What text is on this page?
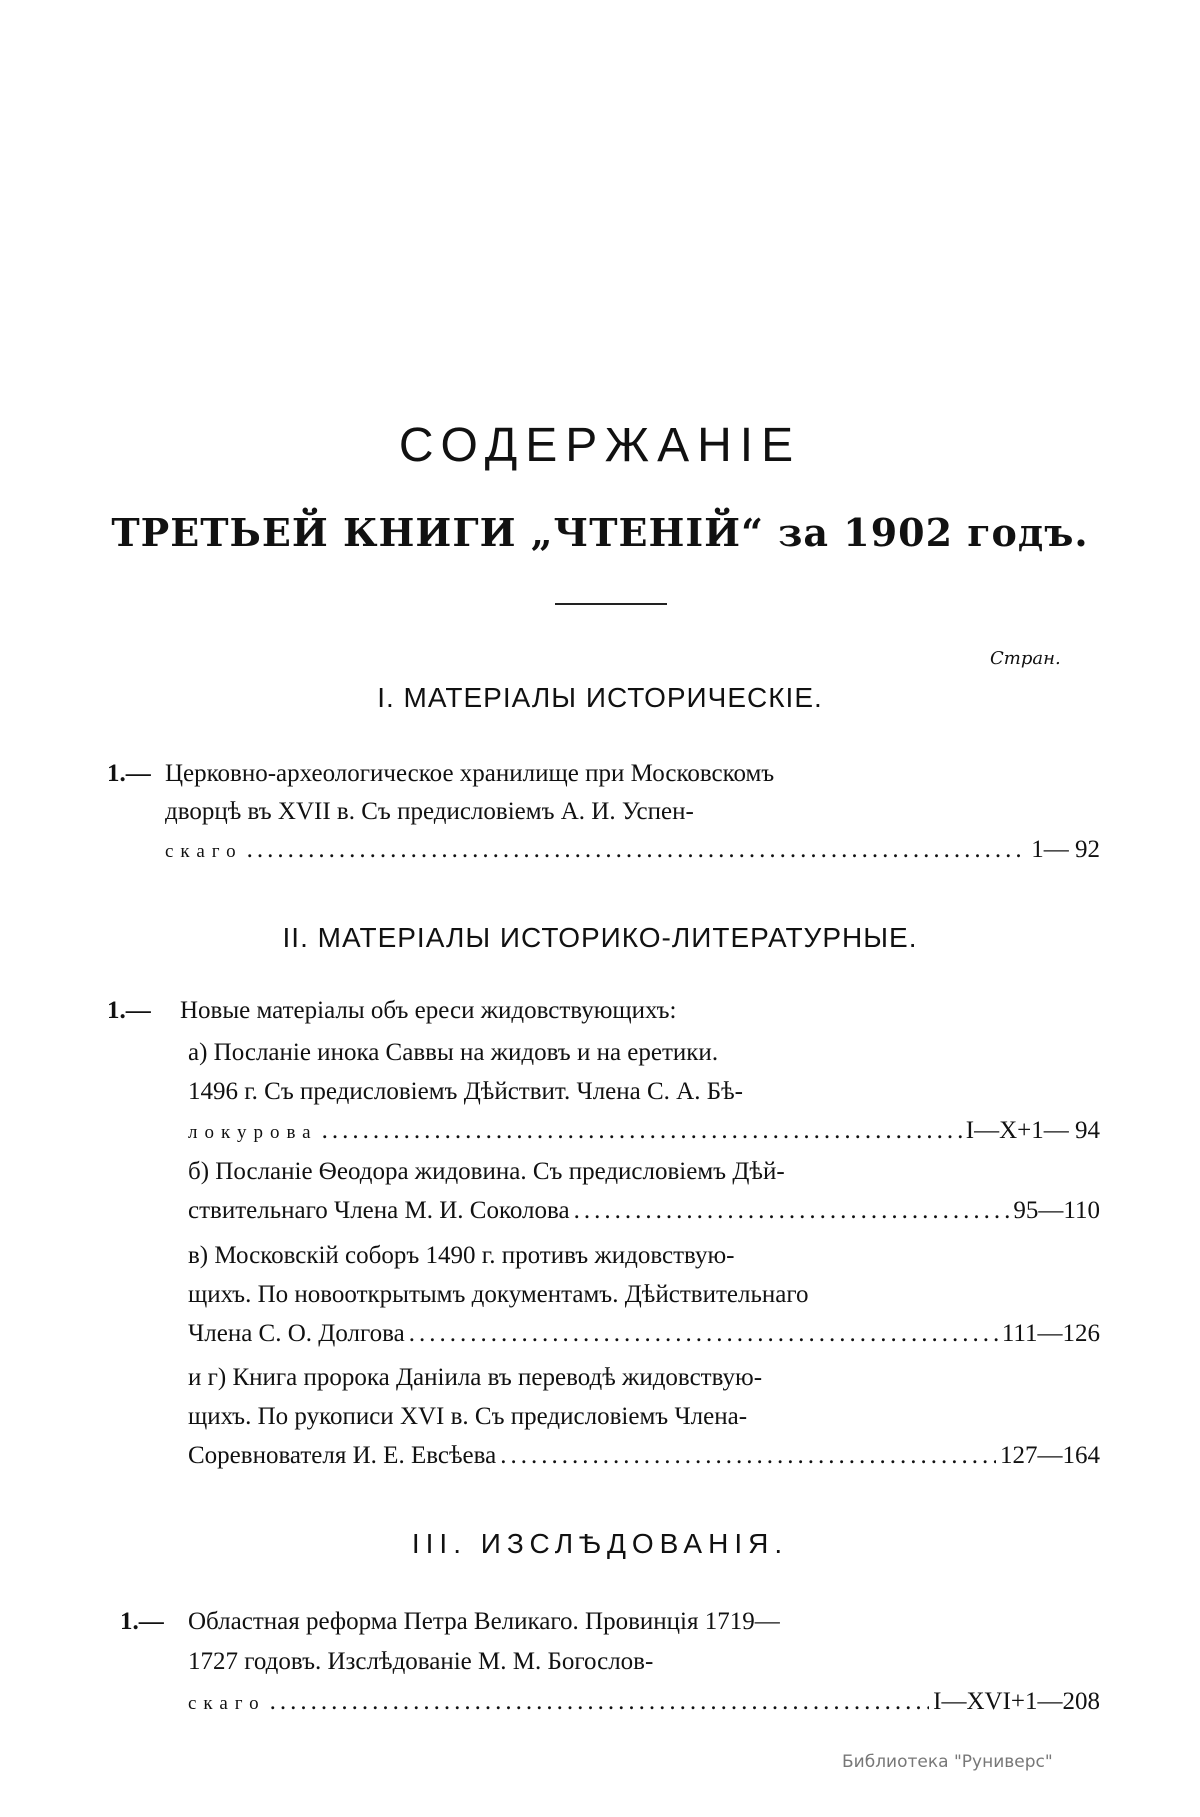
СОДЕРЖАНІЕ
ТРЕТЬЕЙ КНИГИ „ЧТЕНІЙ“ за 1902 годъ.
Стран.
I. МАТЕРІАЛЫ ИСТОРИЧЕСКІЕ.
1.— Церковно-археологическое хранилище при Московскомъ
дворцѣ въ XVII в. Съ предисловіемъ А. И. Успен-
скаго .....	1— 92
II. МАТЕРІАЛЫ ИСТОРИКО-ЛИТЕРАТУРНЫЕ.
1.— Новые матеріалы объ ереси жидовствующихъ:
а) Посланіе инока Саввы на жидовъ и на еретики.
1496 г. Съ предисловіемъ Дѣйствит. Члена С. А. Бѣ-
локурова .....	I—X+1— 94
б) Посланіе Ѳеодора жидовина. Съ предисловіемъ Дѣй-
ствительнаго Члена М. И. Соколова .....	95—110
в) Московскій соборъ 1490 г. противъ жидовствую-
щихъ. По новооткрытымъ документамъ. Дѣйствительнаго
Члена С. О. Долгова .....	111—126
и г) Книга пророка Даніила въ переводѣ жидовствую-
щихъ. По рукописи XVI в. Съ предисловіемъ Члена-
Соревнователя И. Е. Евсѣева .....	127—164
III. ИЗСЛѢДОВАНІЯ.
1.— Областная реформа Петра Великаго. Провинція 1719—
1727 годовъ. Изслѣдованіе М. М. Богослов-
скаго .....	I—XVI+1—208
Библиотека "Руниверс"
